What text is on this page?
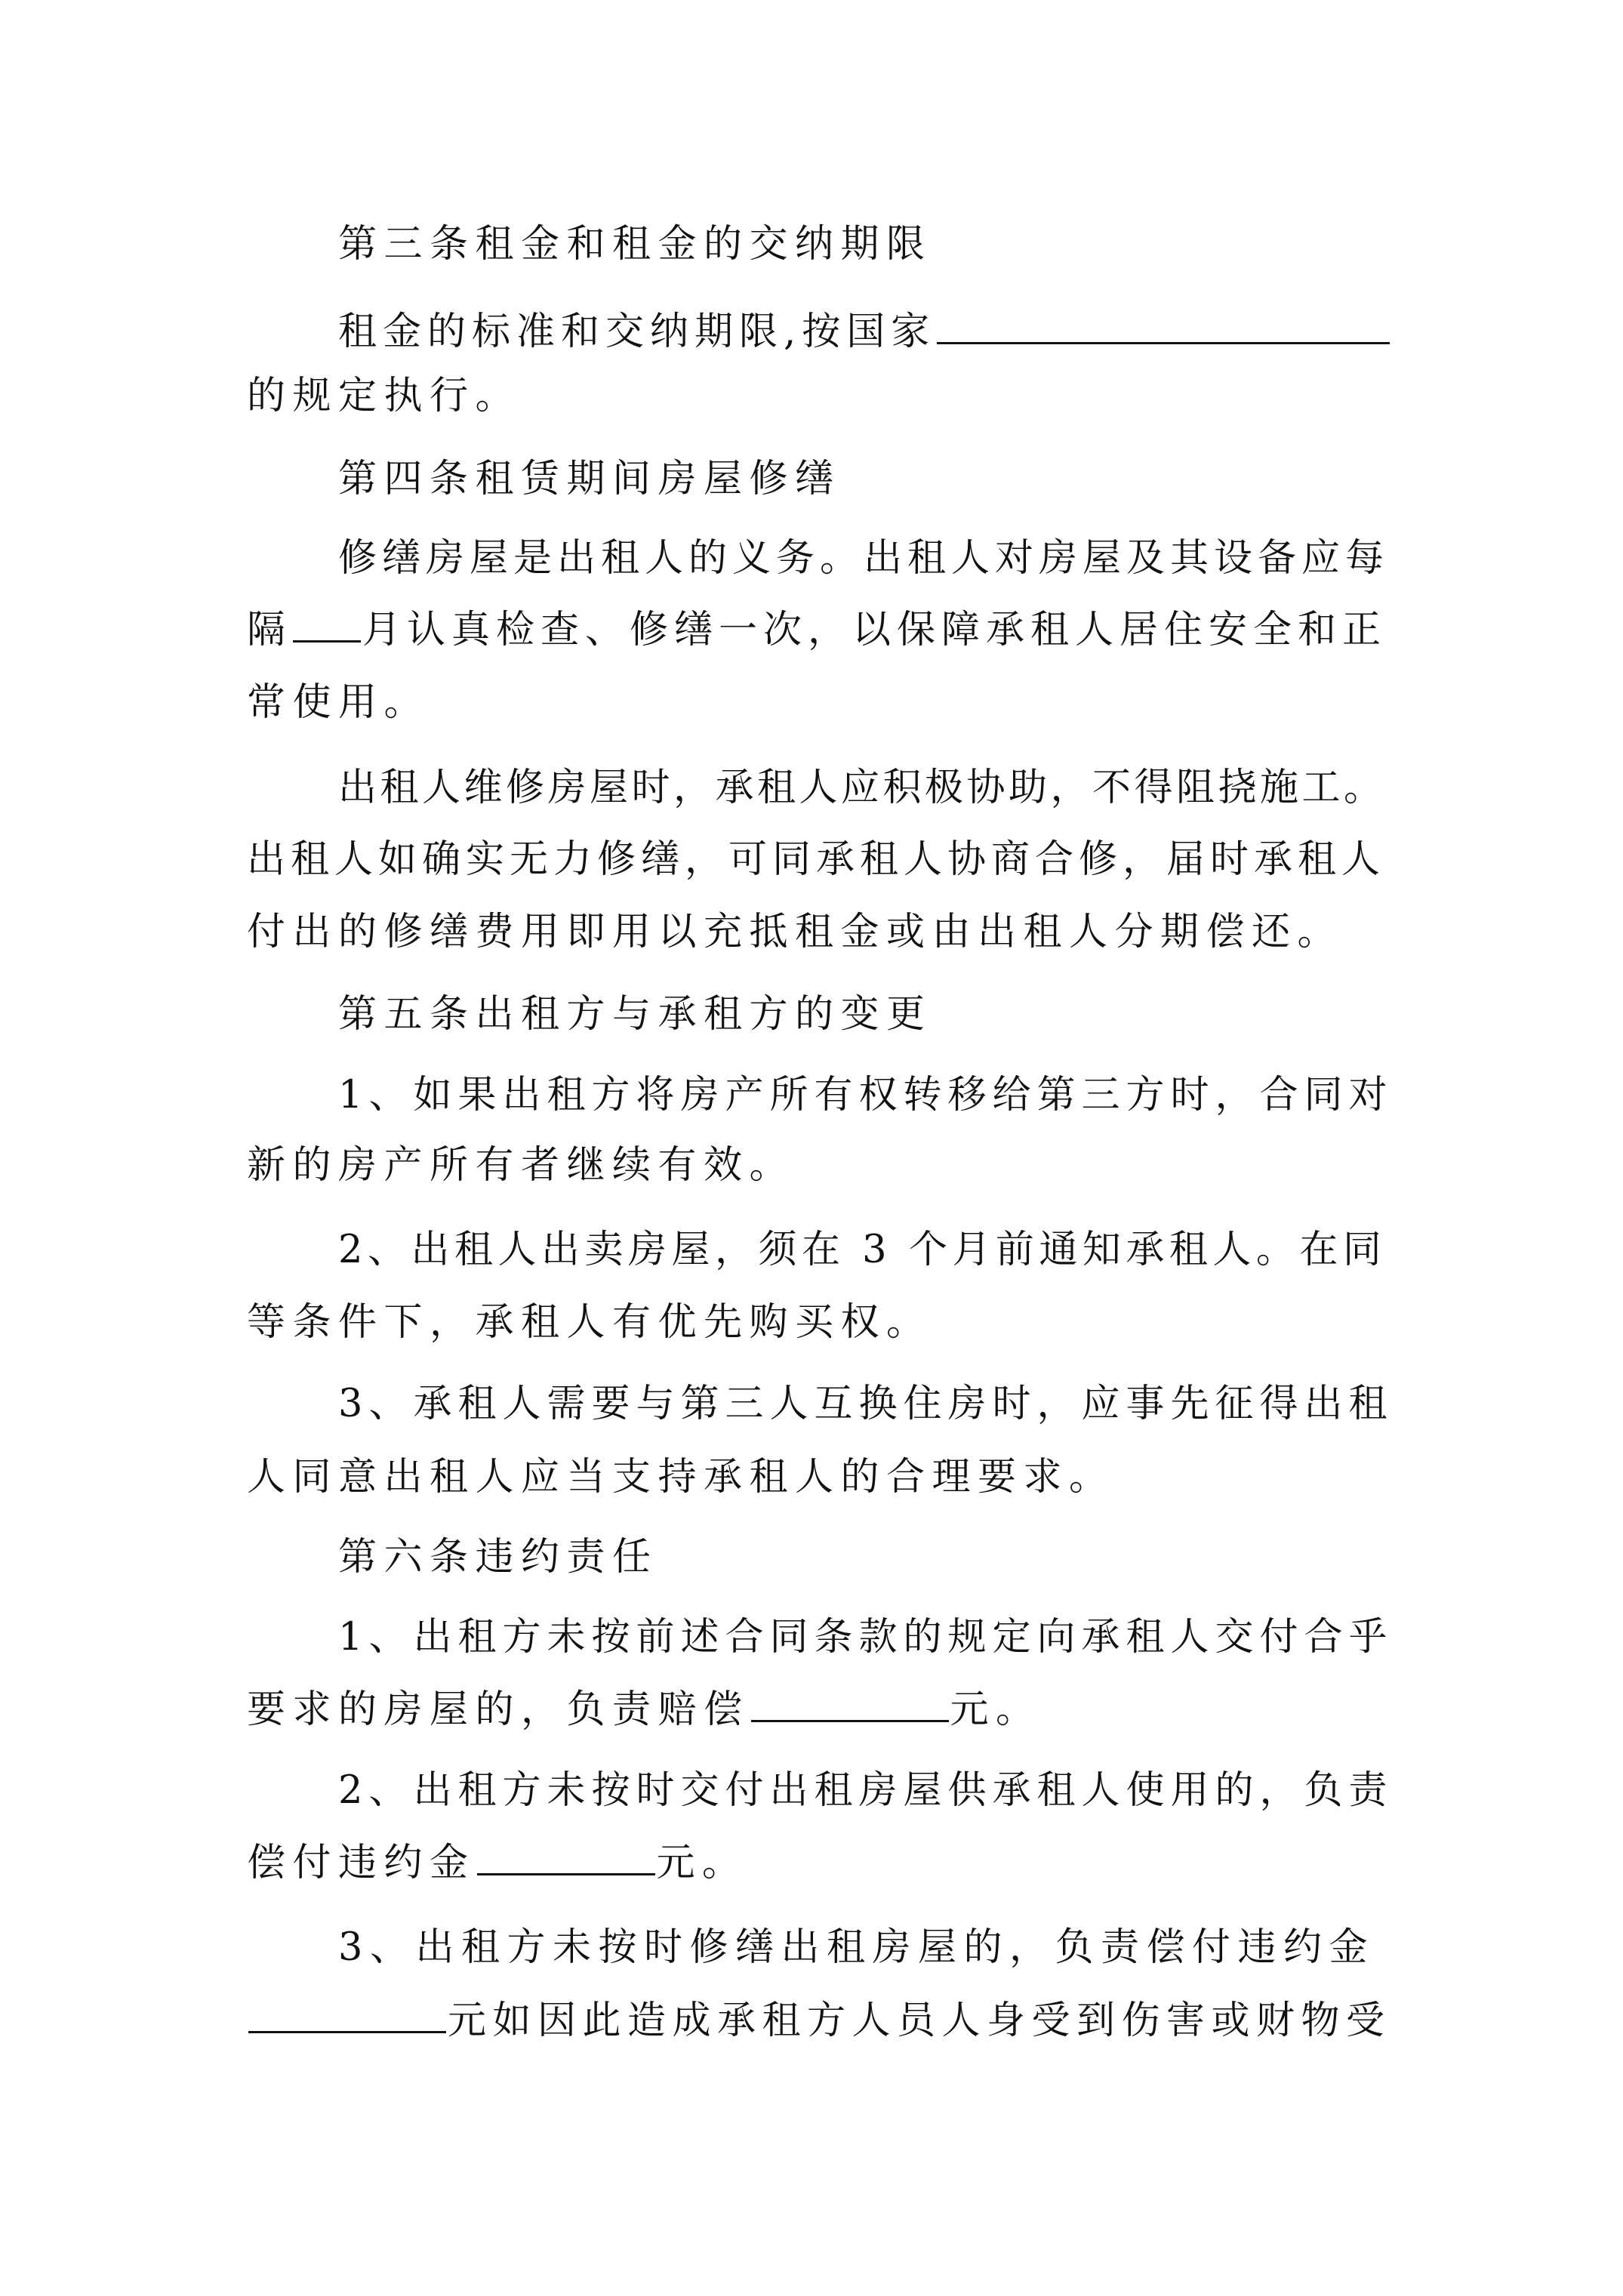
第三条租金和租金的交纳期限
租金的标准和交纳期限,按国家
的规定执行。
第四条租赁期间房屋修缮
修缮房屋是出租人的义务。出租人对房屋及其设备应每
隔 月认真检查、修缮一次，以保障承租人居住安全和正
常使用。
出租人维修房屋时，承租人应积极协助，不得阻挠施工。
出租人如确实无力修缮，可同承租人协商合修，届时承租人
付出的修缮费用即用以充抵租金或由出租人分期偿还。
第五条出租方与承租方的变更
1、如果出租方将房产所有权转移给第三方时，合同对
新的房产所有者继续有效。
2、出租人出卖房屋，须在 3 个月前通知承租人。在同
等条件下，承租人有优先购买权。
3、承租人需要与第三人互换住房时，应事先征得出租
人同意出租人应当支持承租人的合理要求。
第六条违约责任
1、出租方未按前述合同条款的规定向承租人交付合乎
要求的房屋的，负责赔偿	元。
2、出租方未按时交付出租房屋供承租人使用的，负责
偿付违约金	元。
3、出租方未按时修缮出租房屋的，负责偿付违约金
元如因此造成承租方人员人身受到伤害或财物受
